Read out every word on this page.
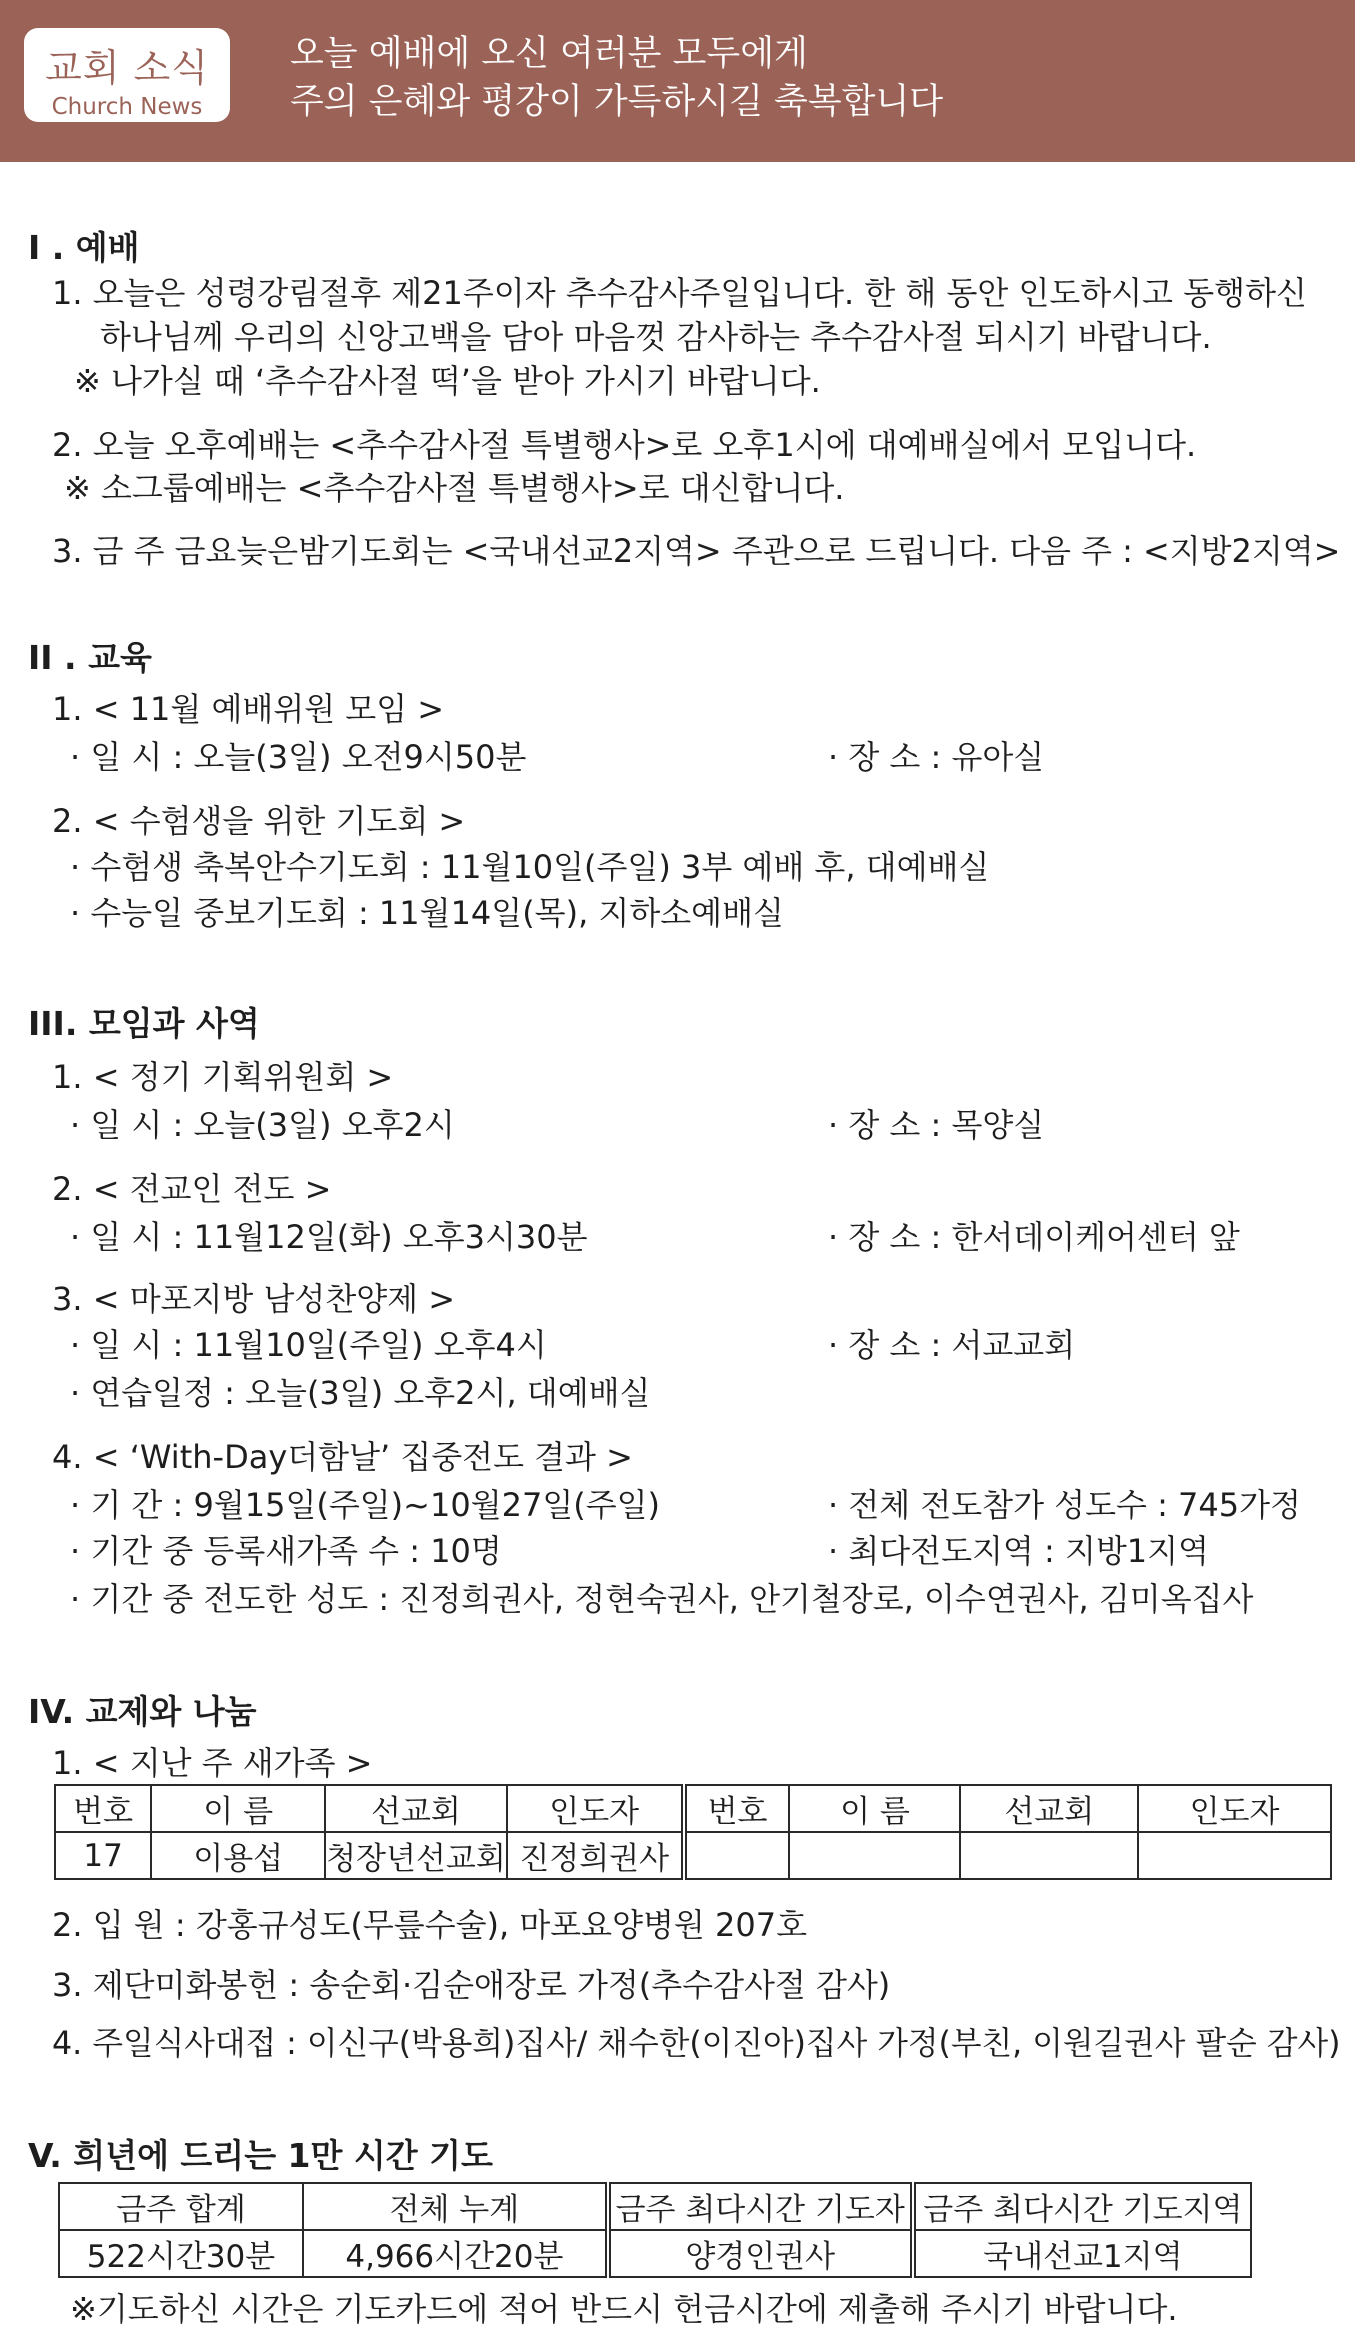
교회 소식
Church News
오늘 예배에 오신 여러분 모두에게
주의 은혜와 평강이 가득하시길 축복합니다
I . 예배
1. 오늘은 성령강림절후 제21주이자 추수감사주일입니다. 한 해 동안 인도하시고 동행하신
하나님께 우리의 신앙고백을 담아 마음껏 감사하는 추수감사절 되시기 바랍니다.
※ 나가실 때 ‘추수감사절 떡’을 받아 가시기 바랍니다.
2. 오늘 오후예배는 <추수감사절 특별행사>로 오후1시에 대예배실에서 모입니다.
※ 소그룹예배는 <추수감사절 특별행사>로 대신합니다.
3. 금 주 금요늦은밤기도회는 <국내선교2지역> 주관으로 드립니다. 다음 주 : <지방2지역>
II . 교육
1. < 11월 예배위원 모임 >
· 일 시 : 오늘(3일) 오전9시50분	· 장 소 : 유아실
2. < 수험생을 위한 기도회 >
· 수험생 축복안수기도회 : 11월10일(주일) 3부 예배 후, 대예배실
· 수능일 중보기도회 : 11월14일(목), 지하소예배실
III. 모임과 사역
1. < 정기 기획위원회 >
· 일 시 : 오늘(3일) 오후2시	· 장 소 : 목양실
2. < 전교인 전도 >
· 일 시 : 11월12일(화) 오후3시30분	· 장 소 : 한서데이케어센터 앞
3. < 마포지방 남성찬양제 >
· 일 시 : 11월10일(주일) 오후4시	· 장 소 : 서교교회
· 연습일정 : 오늘(3일) 오후2시, 대예배실
4. < ‘With-Day더함날’ 집중전도 결과 >
· 기 간 : 9월15일(주일)~10월27일(주일)	· 전체 전도참가 성도수 : 745가정
· 기간 중 등록새가족 수 : 10명	· 최다전도지역 : 지방1지역
· 기간 중 전도한 성도 : 진정희권사, 정현숙권사, 안기철장로, 이수연권사, 김미옥집사
IV. 교제와 나눔
1. < 지난 주 새가족 >
번호	이 름	선교회	인도자	번호	이 름	선교회	인도자
17	이용섭	청장년선교회	진정희권사				
2. 입 원 : 강홍규성도(무릎수술), 마포요양병원 207호
3. 제단미화봉헌 : 송순회·김순애장로 가정(추수감사절 감사)
4. 주일식사대접 : 이신구(박용희)집사/ 채수한(이진아)집사 가정(부친, 이원길권사 팔순 감사)
V. 희년에 드리는 1만 시간 기도
금주 합계	전체 누계	금주 최다시간 기도자	금주 최다시간 기도지역
522시간30분	4,966시간20분	양경인권사	국내선교1지역
※기도하신 시간은 기도카드에 적어 반드시 헌금시간에 제출해 주시기 바랍니다.
